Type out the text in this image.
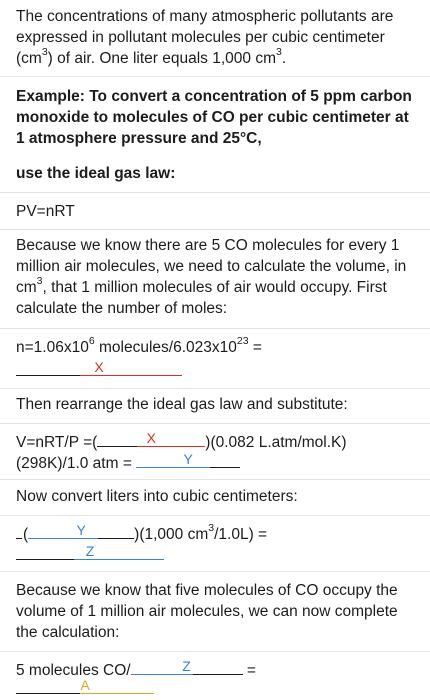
The concentrations of many atmospheric pollutants are expressed in pollutant molecules per cubic centimeter $(cm^3)$ of air. One liter equals 1,000 $cm^3$.
Example: To convert a concentration of 5 ppm carbon monoxide to molecules of CO per cubic centimeter at 1 atmosphere pressure and 25°C,
use the ideal gas law:
PV=nRT
Because we know there are 5 CO molecules for every 1 million air molecules, we need to calculate the volume, in $cm^3$, that 1 million molecules of air would occupy. First calculate the number of moles:
$n=1.06x10^6$ molecules/$6.023x10^{23}$ =
X
Then rearrange the ideal gas law and substitute:
V=nRT/P =(	X	)(0.082 L.atm/mol.K)
(298K)/1.0 atm =	Y
Now convert liters into cubic centimeters:
(	Y	)(1,000 $cm^3/1.0L$) =
Z
Because we know that five molecules of CO occupy the volume of 1 million air molecules, we can now complete the calculation:
5 molecules CO/	Z	=
A
